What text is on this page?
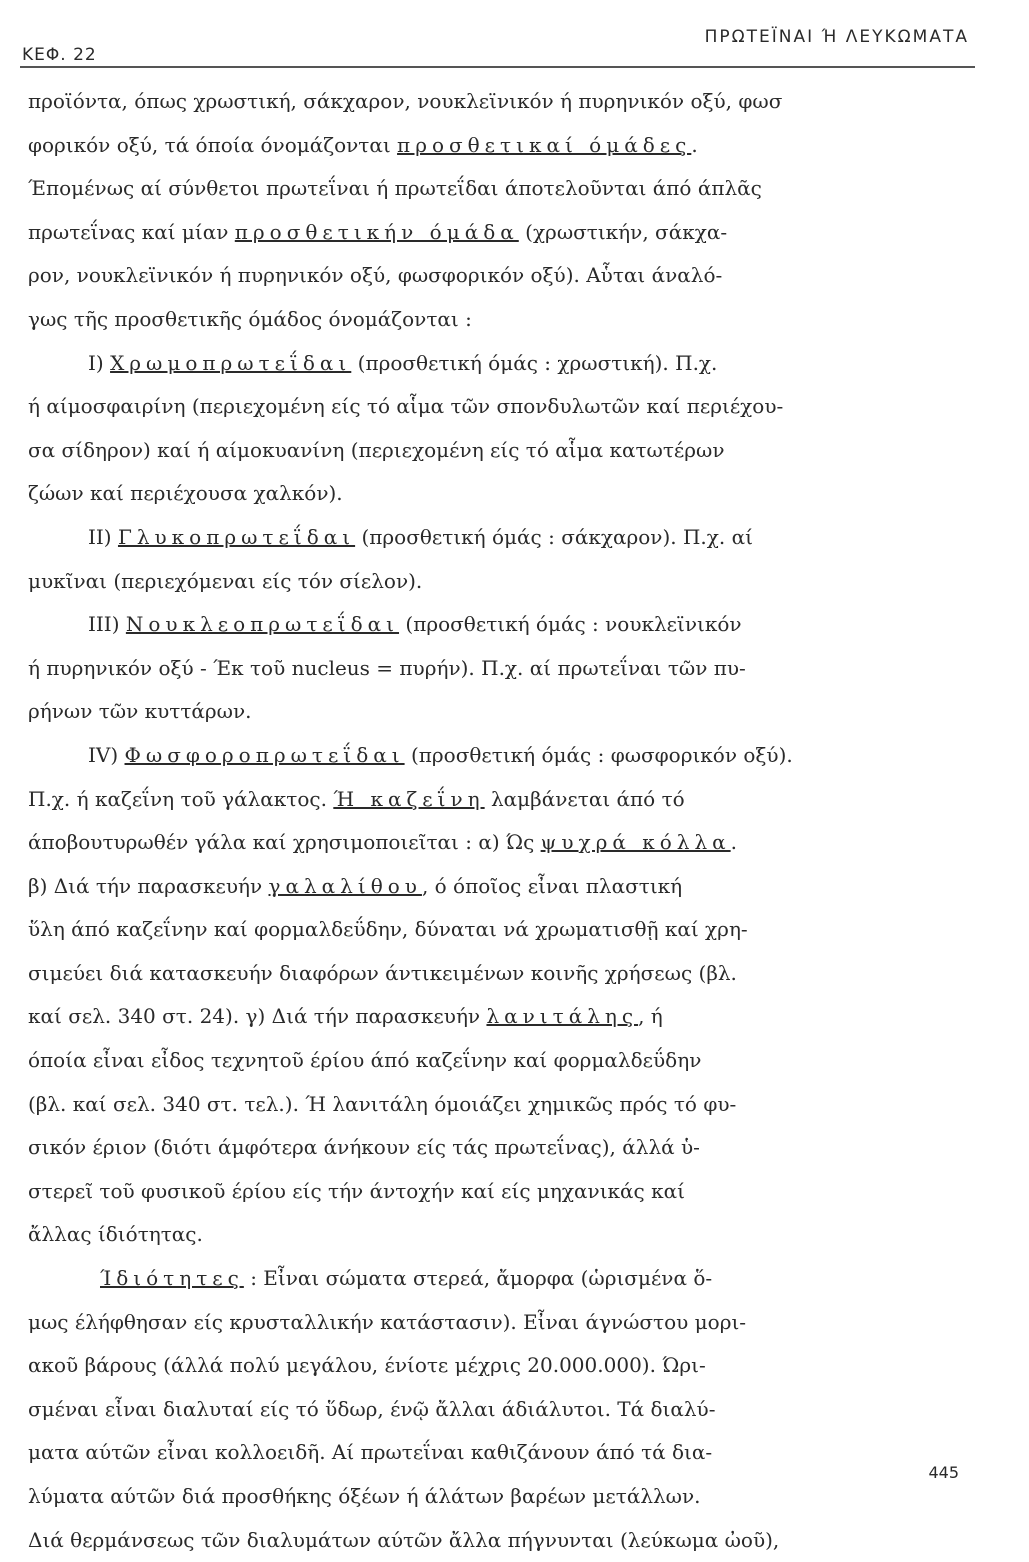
ΚΕΦ. 22
ΠΡΩΤΕΪΝΑΙ Ή ΛΕΥΚΩΜΑΤΑ
προϊόντα, όπως χρωστική, σάκχαρον, νουκλεϊνικόν ή πυρηνικόν οξύ, φωσ
φορικόν οξύ, τά όποία όνομάζονται προσθετικαί όμάδες.
Έπομένως αί σύνθετοι πρωτεΐναι ή πρωτεΐδαι άποτελοῦνται άπό άπλᾶς
πρωτεΐνας καί μίαν προσθετικήν όμάδα (χρωστικήν, σάκχα-
ρον, νουκλεϊνικόν ή πυρηνικόν οξύ, φωσφορικόν οξύ). Αὗται άναλό-
γως τῆς προσθετικῆς όμάδος όνομάζονται :
Ι) Χρωμοπρωτεΐδαι (προσθετική όμάς : χρωστική). Π.χ.
ή αίμοσφαιρίνη (περιεχομένη είς τό αἷμα τῶν σπονδυλωτῶν καί περιέχου-
σα σίδηρον) καί ή αίμοκυανίνη (περιεχομένη είς τό αἷμα κατωτέρων
ζώων καί περιέχουσα χαλκόν).
ΙΙ) Γλυκοπρωτεΐδαι (προσθετική όμάς : σάκχαρον). Π.χ. αί
μυκῖναι (περιεχόμεναι είς τόν σίελον).
ΙΙΙ) Νουκλεοπρωτεΐδαι (προσθετική όμάς : νουκλεϊνικόν
ή πυρηνικόν οξύ - Έκ τοῦ nucleus = πυρήν). Π.χ. αί πρωτεΐναι τῶν πυ-
ρήνων τῶν κυττάρων.
ΙV) Φωσφοροπρωτεΐδαι (προσθετική όμάς : φωσφορικόν οξύ).
Π.χ. ή καζεΐνη τοῦ γάλακτος. Ή καζεΐνη λαμβάνεται άπό τό
άποβουτυρωθέν γάλα καί χρησιμοποιεῖται : α) Ώς ψυχρά κόλλα.
β) Διά τήν παρασκευήν γαλαλίθου, ό όποῖος εἶναι πλαστική
ὕλη άπό καζεΐνην καί φορμαλδεΰδην, δύναται νά χρωματισθῇ καί χρη-
σιμεύει διά κατασκευήν διαφόρων άντικειμένων κοινῆς χρήσεως (βλ.
καί σελ. 340 στ. 24). γ) Διά τήν παρασκευήν λανιτάλης, ή
όποία εἶναι εἶδος τεχνητοῦ έρίου άπό καζεΐνην καί φορμαλδεΰδην
(βλ. καί σελ. 340 στ. τελ.). Ή λανιτάλη όμοιάζει χημικῶς πρός τό φυ-
σικόν έριον (διότι άμφότερα άνήκουν είς τάς πρωτεΐνας), άλλά ὑ-
στερεῖ τοῦ φυσικοῦ έρίου είς τήν άντοχήν καί είς μηχανικάς καί
ἄλλας ίδιότητας.
Ίδιότητες : Εἶναι σώματα στερεά, ἄμορφα (ὡρισμένα ὅ-
μως έλήφθησαν είς κρυσταλλικήν κατάστασιν). Εἶναι άγνώστου μορι-
ακοῦ βάρους (άλλά πολύ μεγάλου, ένίοτε μέχρις 20.000.000). Ώρι-
σμέναι εἶναι διαλυταί είς τό ὕδωρ, ένῷ ἄλλαι άδιάλυτοι. Τά διαλύ-
ματα αύτῶν εἶναι κολλοειδῆ. Αί πρωτεΐναι καθιζάνουν άπό τά δια-
λύματα αύτῶν διά προσθήκης όξέων ή άλάτων βαρέων μετάλλων.
Διά θερμάνσεως τῶν διαλυμάτων αύτῶν ἄλλα πήγνυνται (λεύκωμα ὠοῦ),
445
